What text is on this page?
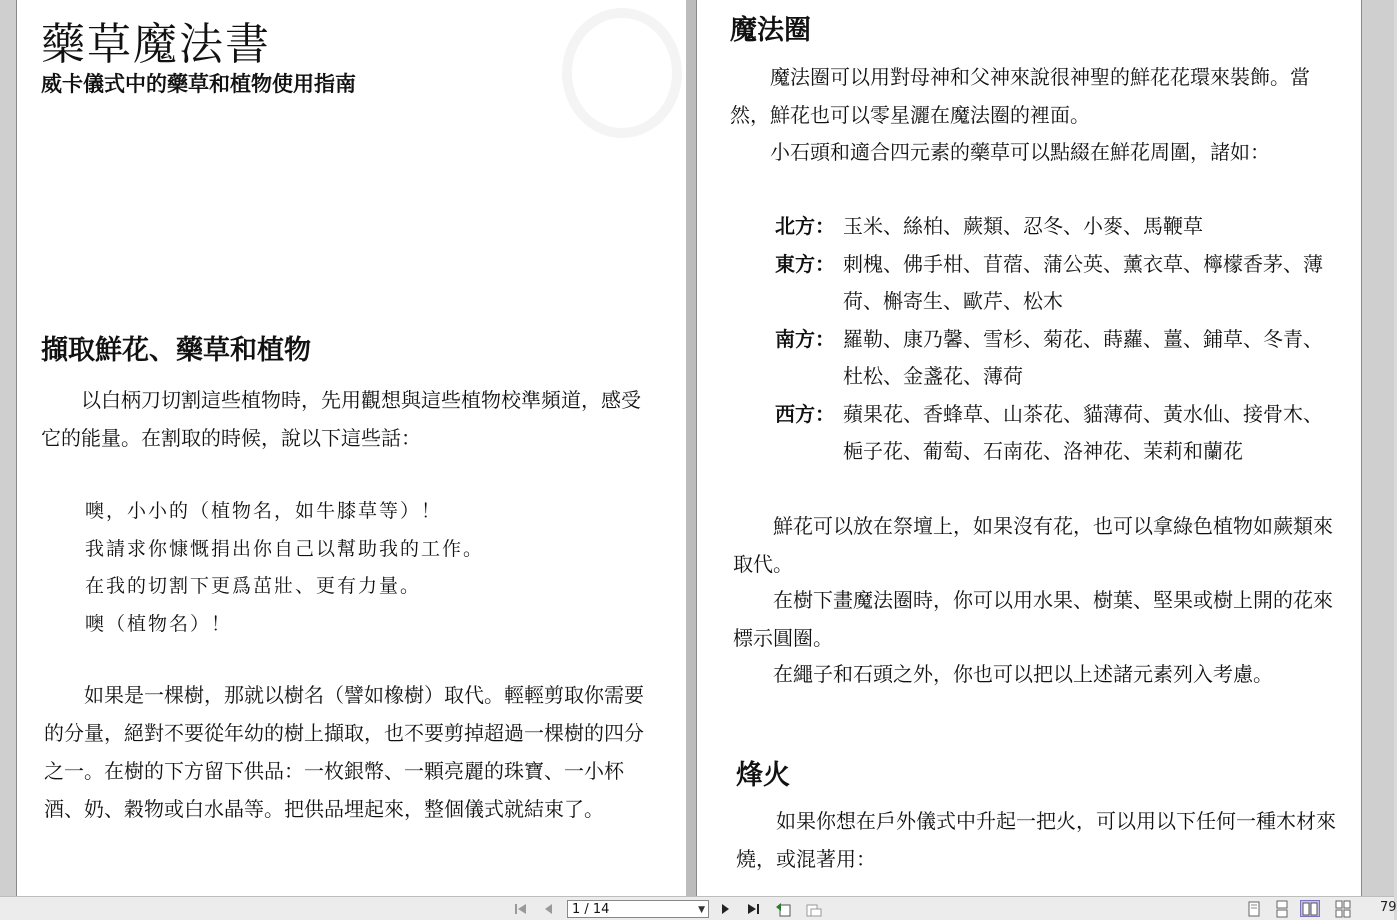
藥草魔法書
威卡儀式中的藥草和植物使用指南
擷取鮮花、藥草和植物

以白柄刀切割這些植物時，先用觀想與這些植物校準頻道，感受它的能量。在割取的時候，說以下這些話：

噢，小小的（植物名，如牛膝草等）！
我請求你慷慨捐出你自己以幫助我的工作。
在我的切割下更爲茁壯、更有力量。
噢（植物名）！

如果是一棵樹，那就以樹名（譬如橡樹）取代。輕輕剪取你需要的分量，絕對不要從年幼的樹上擷取，也不要剪掉超過一棵樹的四分之一。在樹的下方留下供品：一枚銀幣、一顆亮麗的珠寶、一小杯酒、奶、穀物或白水晶等。把供品埋起來，整個儀式就結束了。

魔法圈

魔法圈可以用對母神和父神來說很神聖的鮮花花環來裝飾。當然，鮮花也可以零星灑在魔法圈的裡面。

小石頭和適合四元素的藥草可以點綴在鮮花周圍，諸如：

北方： 玉米、絲柏、蕨類、忍冬、小麥、馬鞭草
東方： 刺槐、佛手柑、苜蓿、蒲公英、薰衣草、檸檬香茅、薄荷、槲寄生、歐芹、松木
南方： 羅勒、康乃馨、雪杉、菊花、蒔蘿、薑、鋪草、冬青、杜松、金盞花、薄荷
西方： 蘋果花、香蜂草、山茶花、貓薄荷、黃水仙、接骨木、梔子花、葡萄、石南花、洛神花、茉莉和蘭花

鮮花可以放在祭壇上，如果沒有花，也可以拿綠色植物如蕨類來取代。

在樹下畫魔法圈時，你可以用水果、樹葉、堅果或樹上開的花來標示圓圈。

在繩子和石頭之外，你也可以把以上述諸元素列入考慮。

烽火

如果你想在戶外儀式中升起一把火，可以用以下任何一種木材來燒，或混著用：

1 / 14	▼	79
